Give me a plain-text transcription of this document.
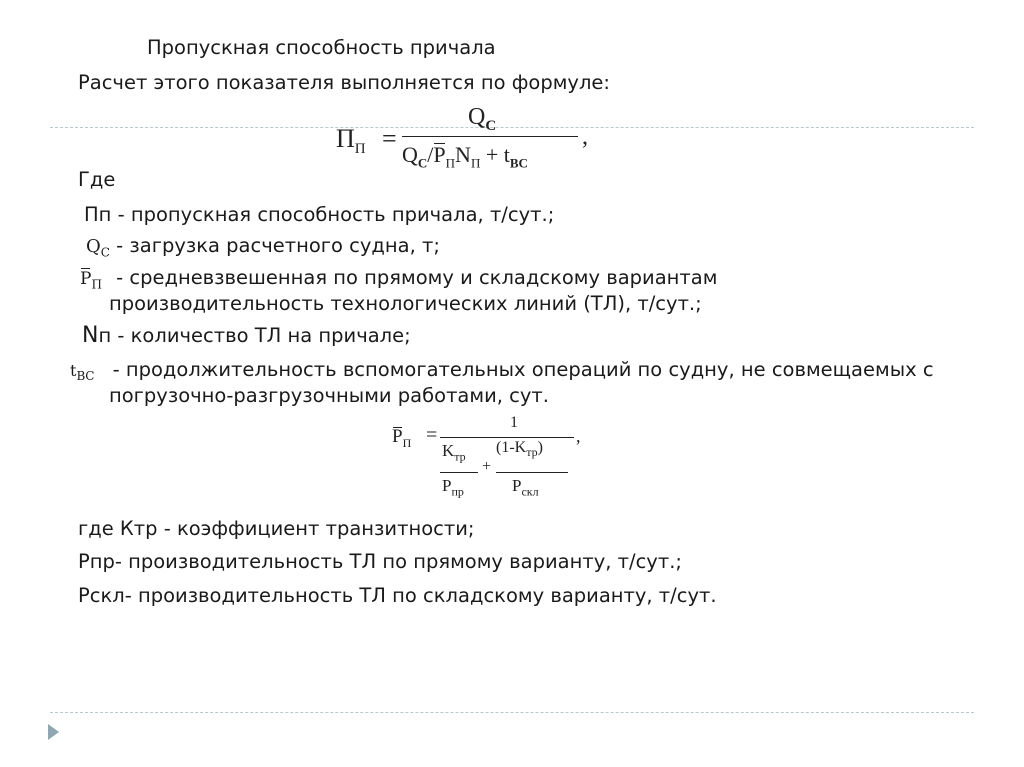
Пропускная способность причала
Расчет этого показателя выполняется по формуле:
$П_П$ =
$Q_C$
$Q_C/P_ПN_П + t_{BC}$
,
Где
Пп - пропускная способность причала, т/сут.;
$Q_C$ - загрузка расчетного судна, т;
$P_П$ - средневзвешенная по прямому и складскому вариантам
производительность технологических линий (ТЛ), т/сут.;
Nп - количество ТЛ на причале;
$t_{ВС}$ - продолжительность вспомогательных операций по судну, не совмещаемых с
погрузочно-разгрузочными работами, сут.
$P_П$ =
1
$K_{тр}$
$P_{пр}$
+
$(1-K_{тр})$
$P_{скл}$
,
где Ктр - коэффициент транзитности;
Рпр- производительность ТЛ по прямому варианту, т/сут.;
Рскл- производительность ТЛ по складскому варианту, т/сут.
